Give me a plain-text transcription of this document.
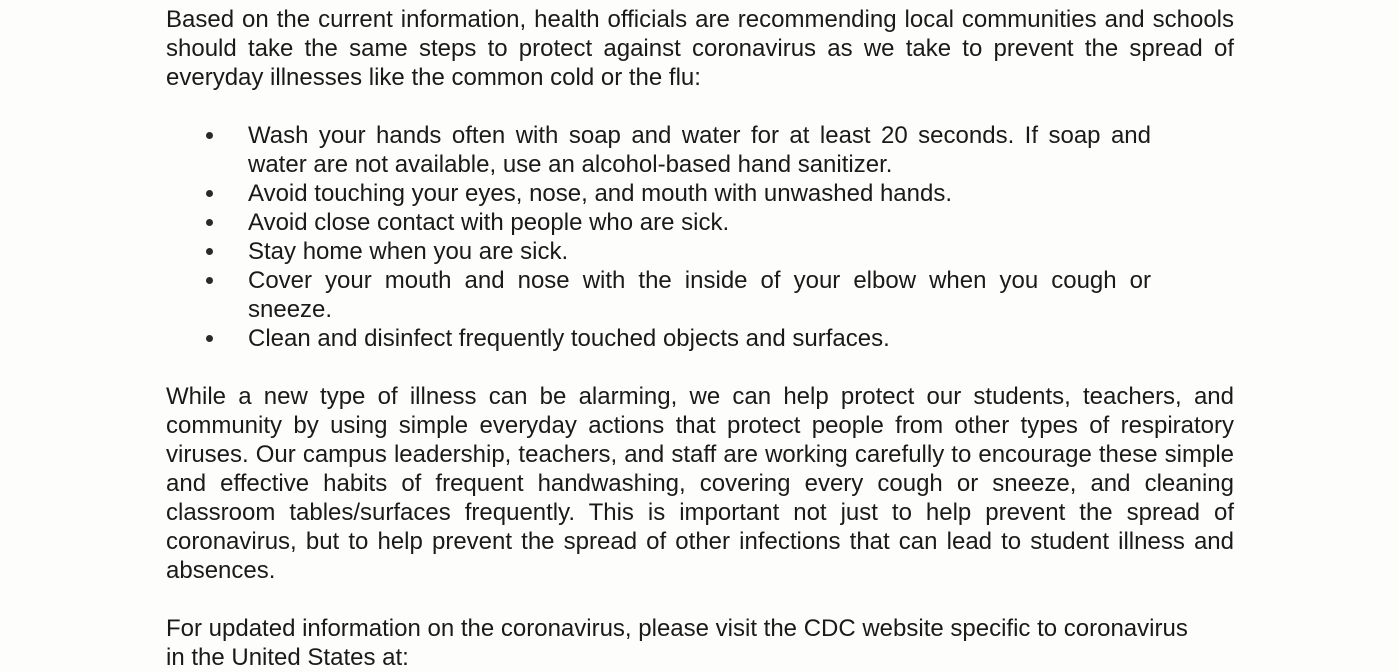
Based on the current information, health officials are recommending local communities and schools should take the same steps to protect against coronavirus as we take to prevent the spread of everyday illnesses like the common cold or the flu:

Wash your hands often with soap and water for at least 20 seconds. If soap and water are not available, use an alcohol-based hand sanitizer.
Avoid touching your eyes, nose, and mouth with unwashed hands.
Avoid close contact with people who are sick.
Stay home when you are sick.
Cover your mouth and nose with the inside of your elbow when you cough or sneeze.
Clean and disinfect frequently touched objects and surfaces.

While a new type of illness can be alarming, we can help protect our students, teachers, and community by using simple everyday actions that protect people from other types of respiratory viruses. Our campus leadership, teachers, and staff are working carefully to encourage these simple and effective habits of frequent handwashing, covering every cough or sneeze, and cleaning classroom tables/surfaces frequently. This is important not just to help prevent the spread of coronavirus, but to help prevent the spread of other infections that can lead to student illness and absences.

For updated information on the coronavirus, please visit the CDC website specific to coronavirus

in the United States at:
